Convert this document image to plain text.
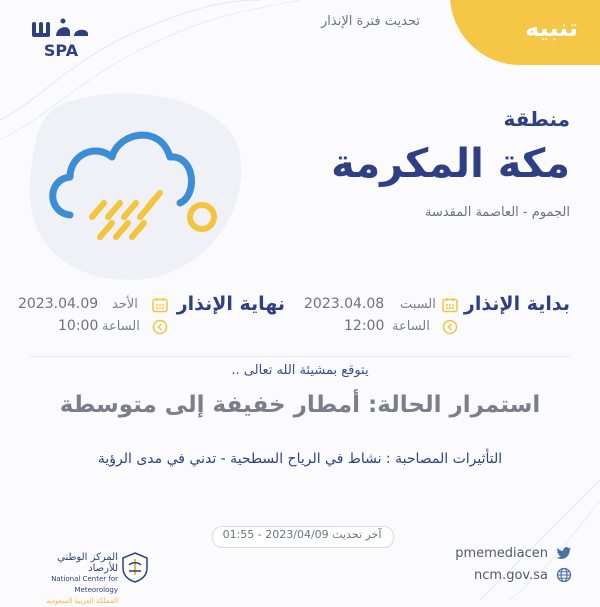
تنبيه
تحديث فترة الإنذار
SPA
منطقة
مكة المكرمة
الجموم - العاصمة المقدسة
بداية الإنذار
السبت
2023.04.08
الساعة
12:00
نهاية الإنذار
الأحد
2023.04.09
الساعة
10:00
يتوقع بمشيئة الله تعالى ..
استمرار الحالة: أمطار خفيفة إلى متوسطة
التأثيرات المصاحبة : نشاط في الرياح السطحية - تدني في مدى الرؤية
آخر تحديث 2023/04/09 - 01:55
المركز الوطني للأرصاد
National Center for Meteorology
المملكة العربية السعودية
pmemediacen
ncm.gov.sa
